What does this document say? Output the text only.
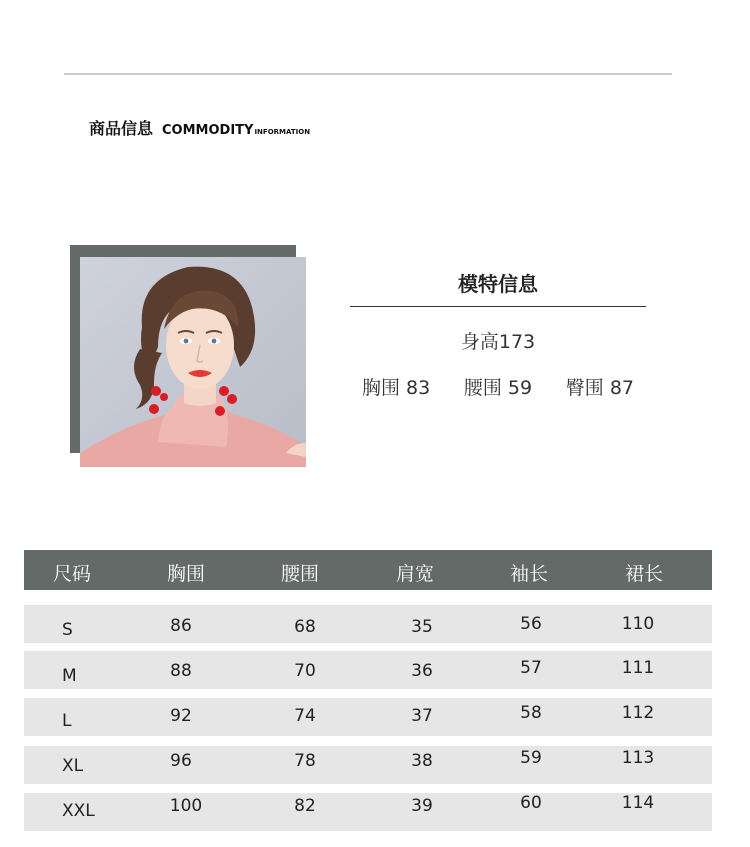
商品信息 COMMODITY INFORMATION
模特信息
身高173
胸围 83 腰围 59 臀围 87
尺码	胸围	腰围	肩宽	袖长	裙长
S	86	68	35	56	110
M	88	70	36	57	111
L	92	74	37	58	112
XL	96	78	38	59	113
XXL	100	82	39	60	114
